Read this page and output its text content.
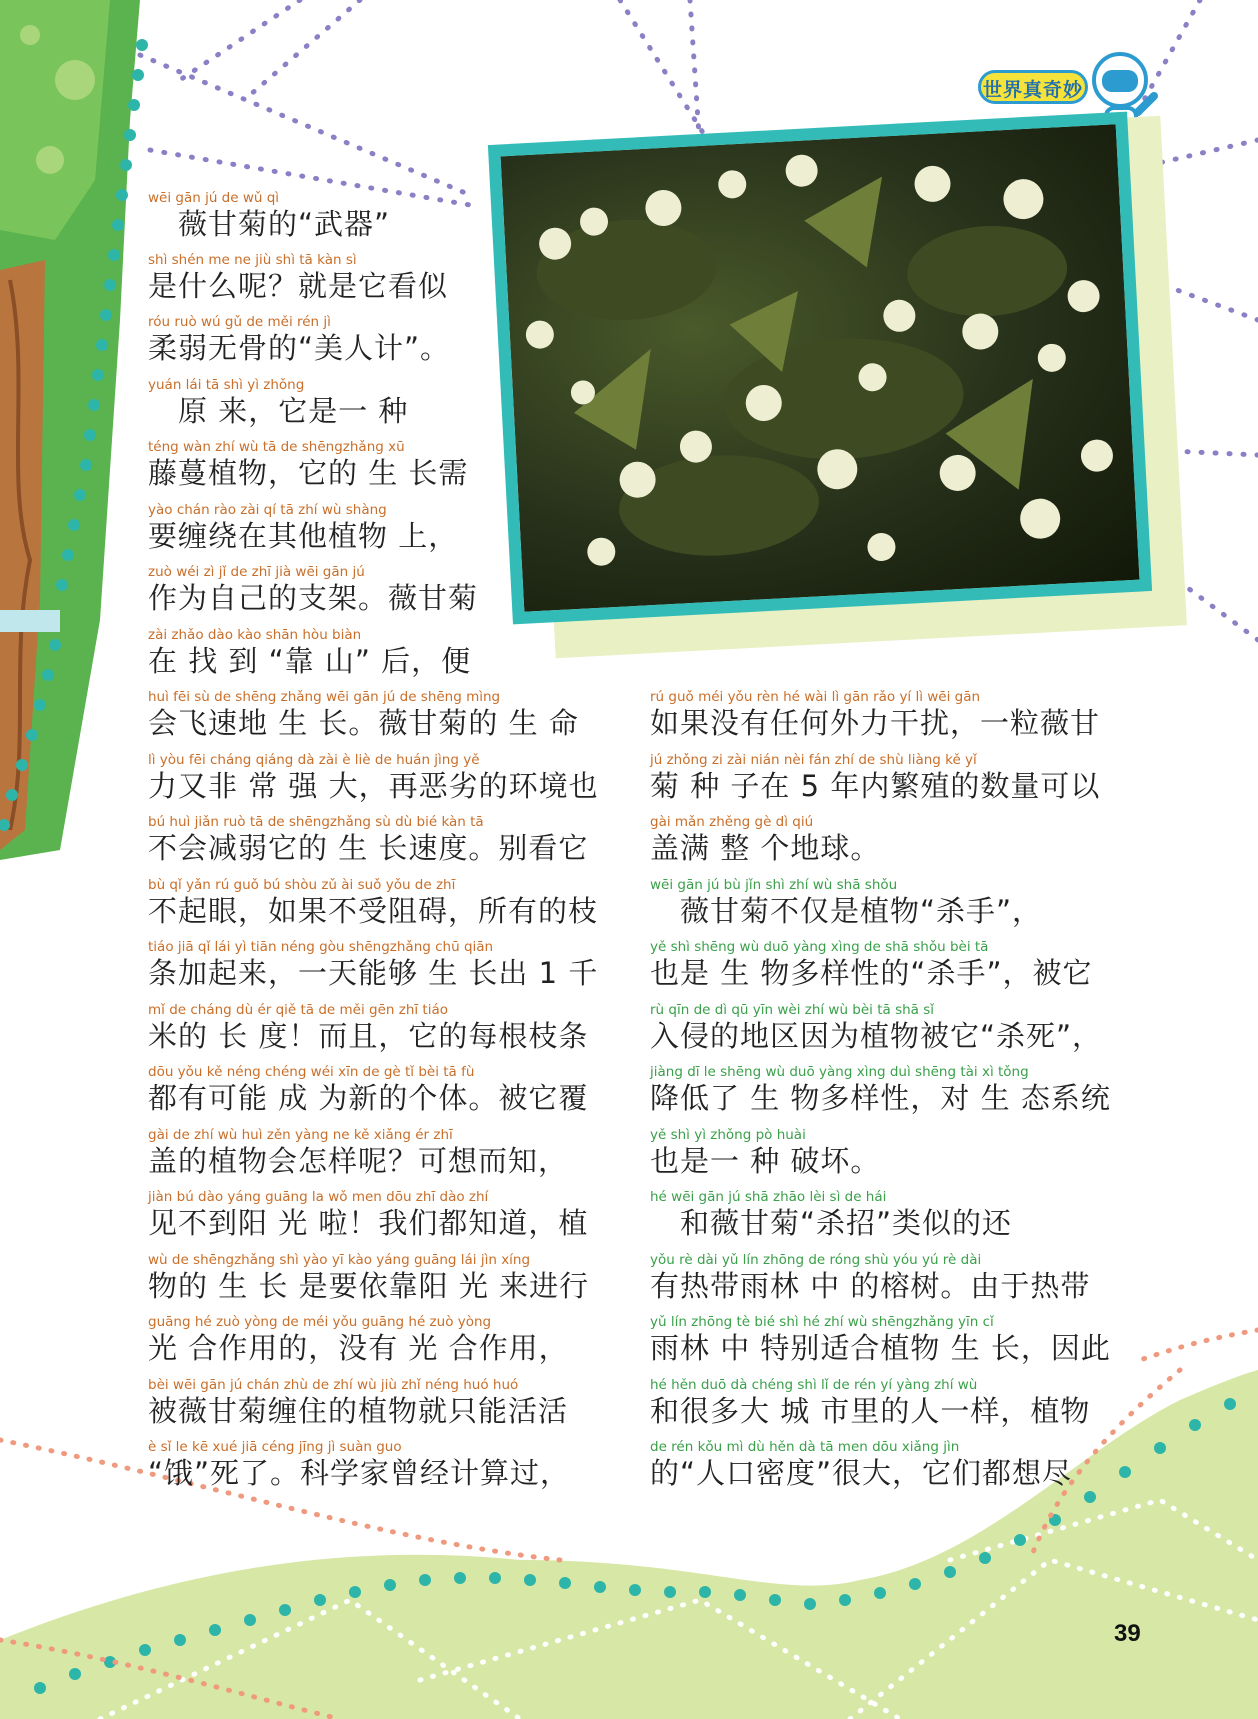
世界真奇妙
wēi gān jú de wǔ qì
　薇甘菊的“武器”
shì shén me ne jiù shì tā kàn sì
是什么呢？就是它看似
róu ruò wú gǔ de měi rén jì
柔弱无骨的“美人计”。
yuán lái tā shì yì zhǒng
　原 来，它是一 种
téng wàn zhí wù tā de shēngzhǎng xū
藤蔓植物，它的 生 长需
yào chán rào zài qí tā zhí wù shàng
要缠绕在其他植物 上，
zuò wéi zì jǐ de zhī jià wēi gān jú
作为自己的支架。薇甘菊
zài zhǎo dào kào shān hòu biàn
在 找 到 “靠 山” 后，便
huì fēi sù de shēng zhǎng wēi gān jú de shēng mìng
会飞速地 生 长。薇甘菊的 生 命
lì yòu fēi cháng qiáng dà zài è liè de huán jìng yě
力又非 常 强 大，再恶劣的环境也
bú huì jiǎn ruò tā de shēngzhǎng sù dù bié kàn tā
不会减弱它的 生 长速度。别看它
bù qǐ yǎn rú guǒ bú shòu zǔ ài suǒ yǒu de zhī
不起眼，如果不受阻碍，所有的枝
tiáo jiā qǐ lái yì tiān néng gòu shēngzhǎng chū qiān
条加起来，一天能够 生 长出 1 千
mǐ de cháng dù ér qiě tā de měi gēn zhī tiáo
米的 长 度！而且，它的每根枝条
dōu yǒu kě néng chéng wéi xīn de gè tǐ bèi tā fù
都有可能 成 为新的个体。被它覆
gài de zhí wù huì zěn yàng ne kě xiǎng ér zhī
盖的植物会怎样呢？可想而知，
jiàn bú dào yáng guāng la wǒ men dōu zhī dào zhí
见不到阳 光 啦！我们都知道，植
wù de shēngzhǎng shì yào yī kào yáng guāng lái jìn xíng
物的 生 长 是要依靠阳 光 来进行
guāng hé zuò yòng de méi yǒu guāng hé zuò yòng
光 合作用的，没有 光 合作用，
bèi wēi gān jú chán zhù de zhí wù jiù zhǐ néng huó huó
被薇甘菊缠住的植物就只能活活
è sǐ le kē xué jiā céng jīng jì suàn guo
“饿”死了。科学家曾经计算过，
rú guǒ méi yǒu rèn hé wài lì gān rǎo yí lì wēi gān
如果没有任何外力干扰，一粒薇甘
jú zhǒng zi zài nián nèi fán zhí de shù liàng kě yǐ
菊 种 子在 5 年内繁殖的数量可以
gài mǎn zhěng gè dì qiú
盖满 整 个地球。
wēi gān jú bù jǐn shì zhí wù shā shǒu
　薇甘菊不仅是植物“杀手”，
yě shì shēng wù duō yàng xìng de shā shǒu bèi tā
也是 生 物多样性的“杀手”，被它
rù qīn de dì qū yīn wèi zhí wù bèi tā shā sǐ
入侵的地区因为植物被它“杀死”，
jiàng dī le shēng wù duō yàng xìng duì shēng tài xì tǒng
降低了 生 物多样性，对 生 态系统
yě shì yì zhǒng pò huài
也是一 种 破坏。
hé wēi gān jú shā zhāo lèi sì de hái
　和薇甘菊“杀招”类似的还
yǒu rè dài yǔ lín zhōng de róng shù yóu yú rè dài
有热带雨林 中 的榕树。由于热带
yǔ lín zhōng tè bié shì hé zhí wù shēngzhǎng yīn cǐ
雨林 中 特别适合植物 生 长，因此
hé hěn duō dà chéng shì lǐ de rén yí yàng zhí wù
和很多大 城 市里的人一样，植物
de rén kǒu mì dù hěn dà tā men dōu xiǎng jìn
的“人口密度”很大，它们都想尽
39
